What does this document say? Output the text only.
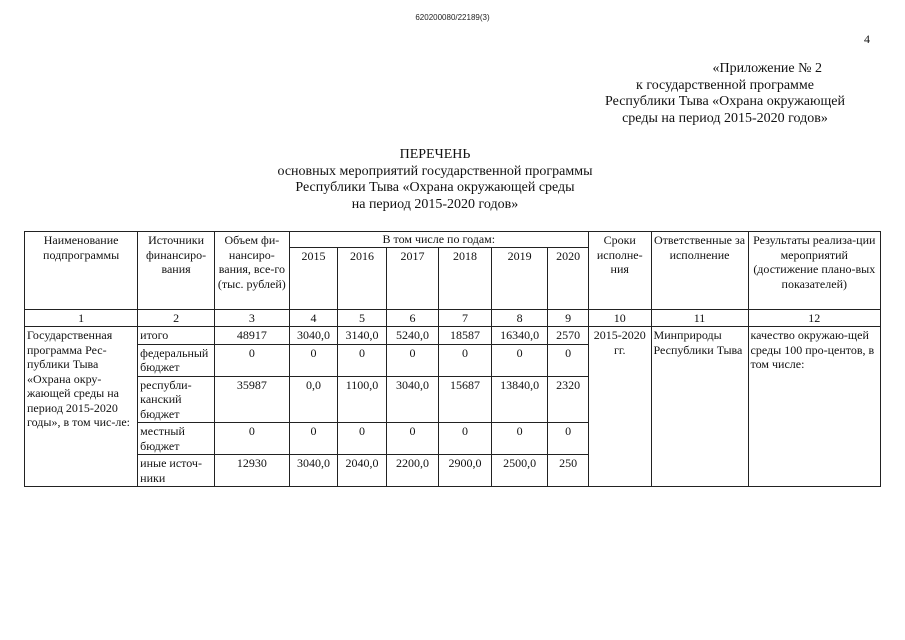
620200080/22189(3)
4
«Приложение № 2
к государственной программе
Республики Тыва «Охрана окружающей
среды на период 2015-2020 годов»
ПЕРЕЧЕНЬ
основных мероприятий государственной программы
Республики Тыва «Охрана окружающей среды
на период 2015-2020 годов»
Наименование подпрограммы	Источники финансиро-вания	Объем фи-нансиро-вания, все-го (тыс. рублей)	В том числе по годам:						Сроки исполне-ния	Ответственные за исполнение	Результаты реализа-ции мероприятий (достижение плано-вых показателей)
			2015	2016	2017	2018	2019	2020			
1	2	3	4	5	6	7	8	9	10	11	12
Государственная программа Рес-публики Тыва «Охрана окру-жающей среды на период 2015-2020 годы», в том чис-ле:	итого	48917	3040,0	3140,0	5240,0	18587	16340,0	2570	2015-2020 гг.	Минприроды Республики Тыва	качество окружаю-щей среды 100 про-центов, в том числе:
	федеральный бюджет	0	0	0	0	0	0	0			
	республи-канский бюджет	35987	0,0	1100,0	3040,0	15687	13840,0	2320			
	местный бюджет	0	0	0	0	0	0	0			
	иные источ-ники	12930	3040,0	2040,0	2200,0	2900,0	2500,0	250			
